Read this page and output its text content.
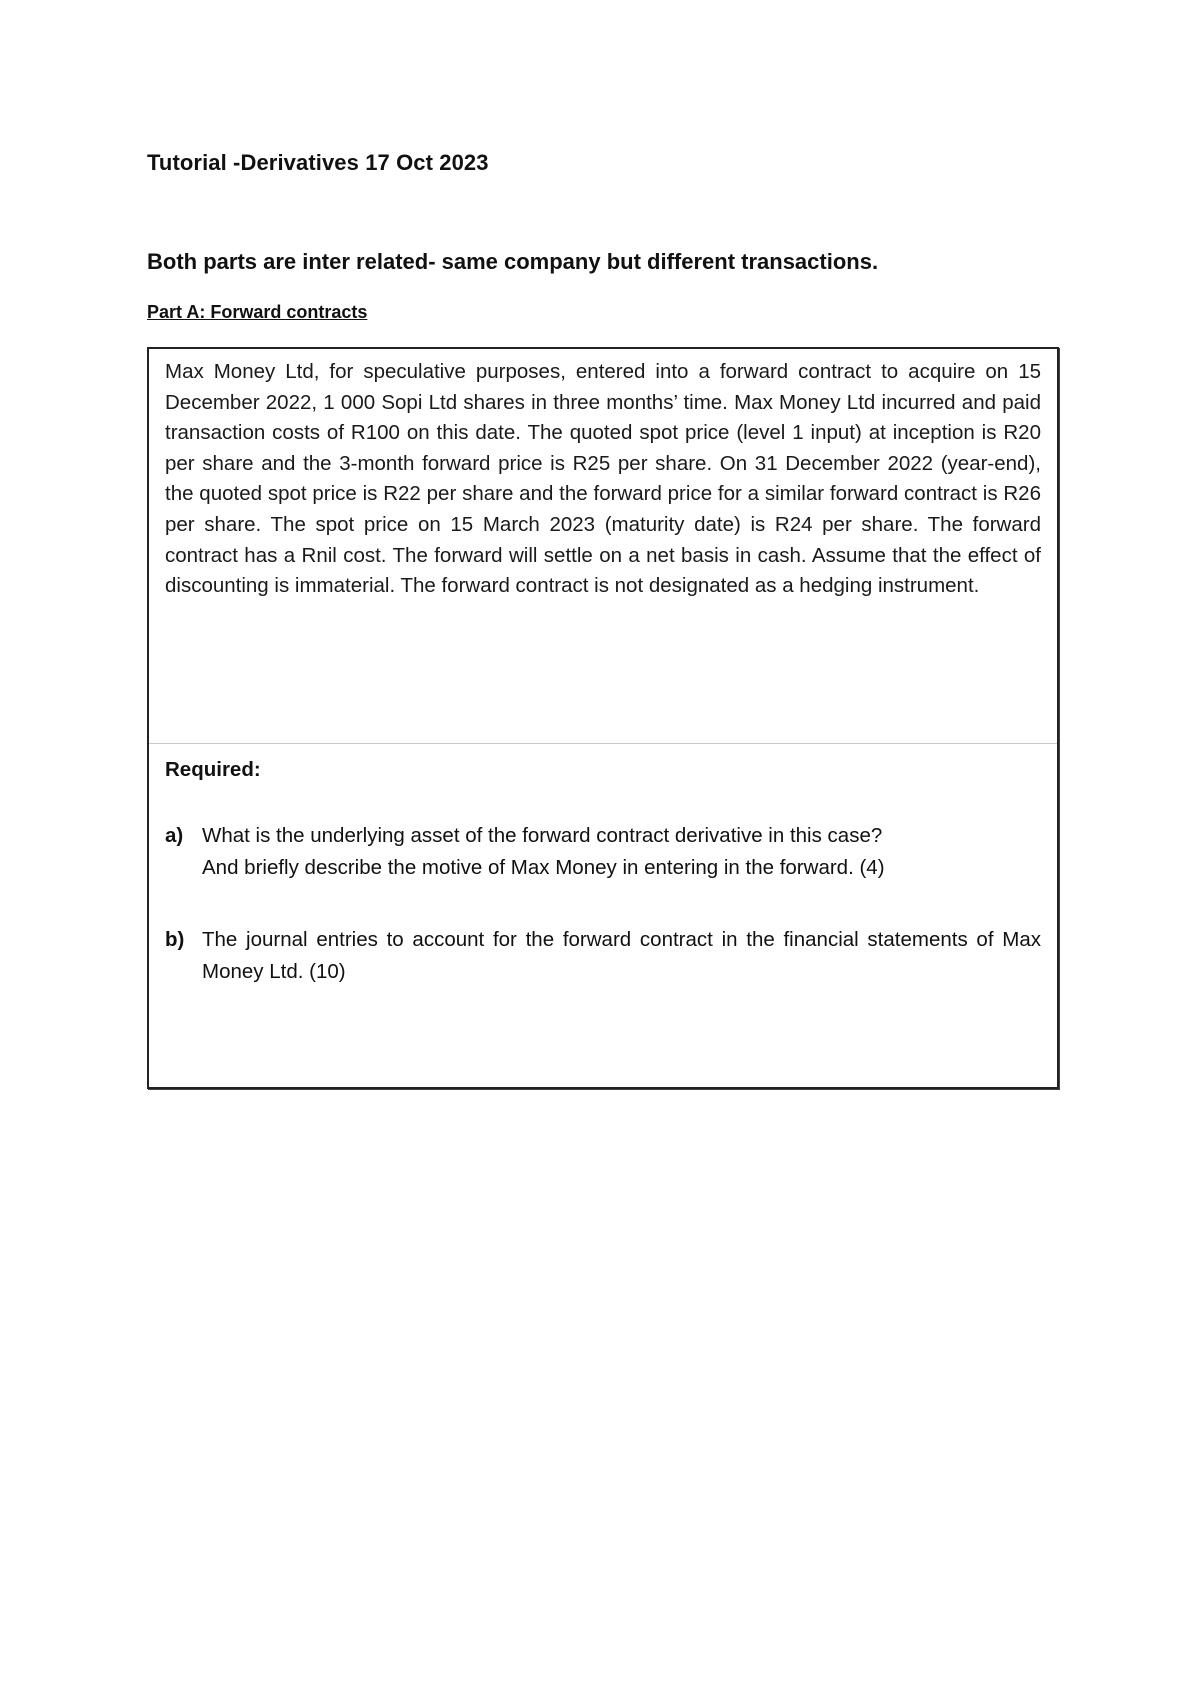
Tutorial -Derivatives 17 Oct 2023
Both parts are inter related- same company but different transactions.
Part A: Forward contracts
Max Money Ltd, for speculative purposes, entered into a forward contract to acquire on 15 December 2022, 1 000 Sopi Ltd shares in three months’ time. Max Money Ltd incurred and paid transaction costs of R100 on this date. The quoted spot price (level 1 input) at inception is R20 per share and the 3-month forward price is R25 per share. On 31 December 2022 (year-end), the quoted spot price is R22 per share and the forward price for a similar forward contract is R26 per share. The spot price on 15 March 2023 (maturity date) is R24 per share. The forward contract has a Rnil cost. The forward will settle on a net basis in cash. Assume that the effect of discounting is immaterial. The forward contract is not designated as a hedging instrument.
Required:
a) What is the underlying asset of the forward contract derivative in this case?
And briefly describe the motive of Max Money in entering in the forward. (4)
b) The journal entries to account for the forward contract in the financial statements of Max Money Ltd. (10)
